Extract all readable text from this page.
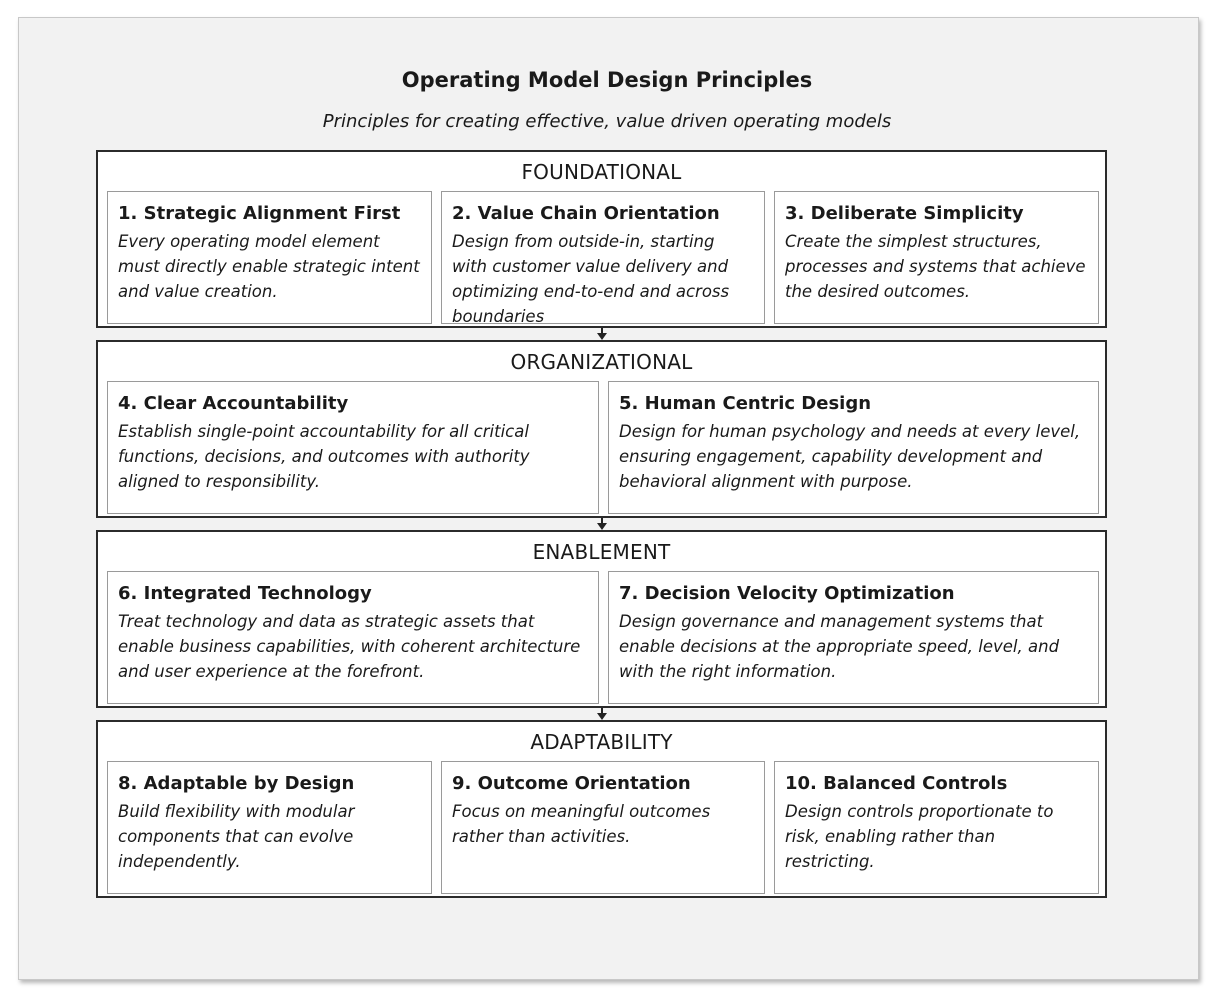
Operating Model Design Principles
Principles for creating effective, value driven operating models
FOUNDATIONAL
1. Strategic Alignment First
Every operating model element must directly enable strategic intent and value creation.
2. Value Chain Orientation
Design from outside-in, starting with customer value delivery and optimizing end-to-end and across boundaries
3. Deliberate Simplicity
Create the simplest structures, processes and systems that achieve the desired outcomes.
ORGANIZATIONAL
4. Clear Accountability
Establish single-point accountability for all critical functions, decisions, and outcomes with authority aligned to responsibility.
5. Human Centric Design
Design for human psychology and needs at every level, ensuring engagement, capability development and behavioral alignment with purpose.
ENABLEMENT
6. Integrated Technology
Treat technology and data as strategic assets that enable business capabilities, with coherent architecture and user experience at the forefront.
7. Decision Velocity Optimization
Design governance and management systems that enable decisions at the appropriate speed, level, and with the right information.
ADAPTABILITY
8. Adaptable by Design
Build flexibility with modular components that can evolve independently.
9. Outcome Orientation
Focus on meaningful outcomes rather than activities.
10. Balanced Controls
Design controls proportionate to risk, enabling rather than restricting.
